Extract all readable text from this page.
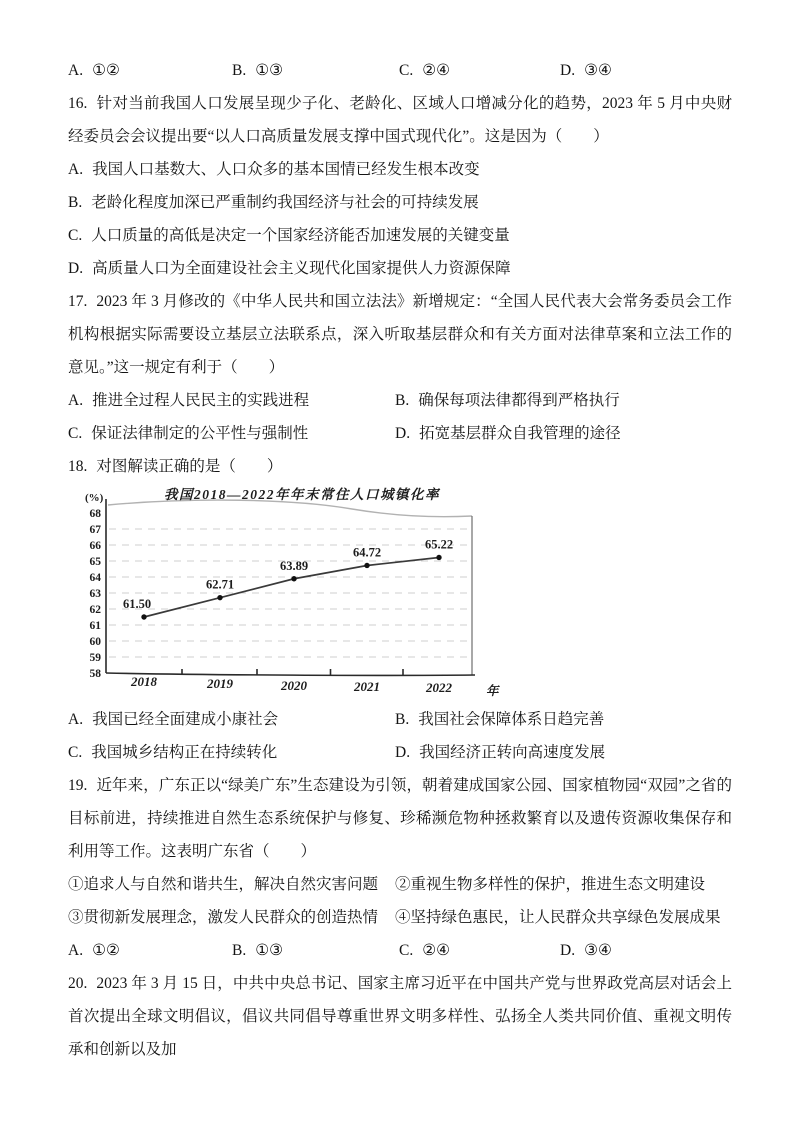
A. ①②	B. ①③	C. ②④	D. ③④

16. 针对当前我国人口发展呈现少子化、老龄化、区域人口增减分化的趋势，2023 年 5 月中央财经委员会会议提出要“以人口高质量发展支撑中国式现代化”。这是因为（　　）

A. 我国人口基数大、人口众多的基本国情已经发生根本改变
B. 老龄化程度加深已严重制约我国经济与社会的可持续发展
C. 人口质量的高低是决定一个国家经济能否加速发展的关键变量
D. 高质量人口为全面建设社会主义现代化国家提供人力资源保障

17. 2023 年 3 月修改的《中华人民共和国立法法》新增规定：“全国人民代表大会常务委员会工作机构根据实际需要设立基层立法联系点，深入听取基层群众和有关方面对法律草案和立法工作的意见。”这一规定有利于（　　）

A. 推进全过程人民民主的实践进程	B. 确保每项法律都得到严格执行
C. 保证法律制定的公平性与强制性	D. 拓宽基层群众自我管理的途径

18. 对图解读正确的是（　　）

58
59
60
61
62
63
64
65
66
67
68
(%)	我国2018—2022年年末常住人口城镇化率
61.50
62.71
63.89
64.72
65.22
2018	2019	2020	2021	2022	年
A. 我国已经全面建成小康社会	B. 我国社会保障体系日趋完善
C. 我国城乡结构正在持续转化	D. 我国经济正转向高速度发展

19. 近年来，广东正以“绿美广东”生态建设为引领，朝着建成国家公园、国家植物园“双园”之省的目标前进，持续推进自然生态系统保护与修复、珍稀濒危物种拯救繁育以及遗传资源收集保存和利用等工作。这表明广东省（　　）

①追求人与自然和谐共生，解决自然灾害问题 ②重视生物多样性的保护，推进生态文明建设
③贯彻新发展理念，激发人民群众的创造热情 ④坚持绿色惠民，让人民群众共享绿色发展成果
A. ①②	B. ①③	C. ②④	D. ③④

20. 2023 年 3 月 15 日，中共中央总书记、国家主席习近平在中国共产党与世界政党高层对话会上首次提出全球文明倡议，倡议共同倡导尊重世界文明多样性、弘扬全人类共同价值、重视文明传承和创新以及加
